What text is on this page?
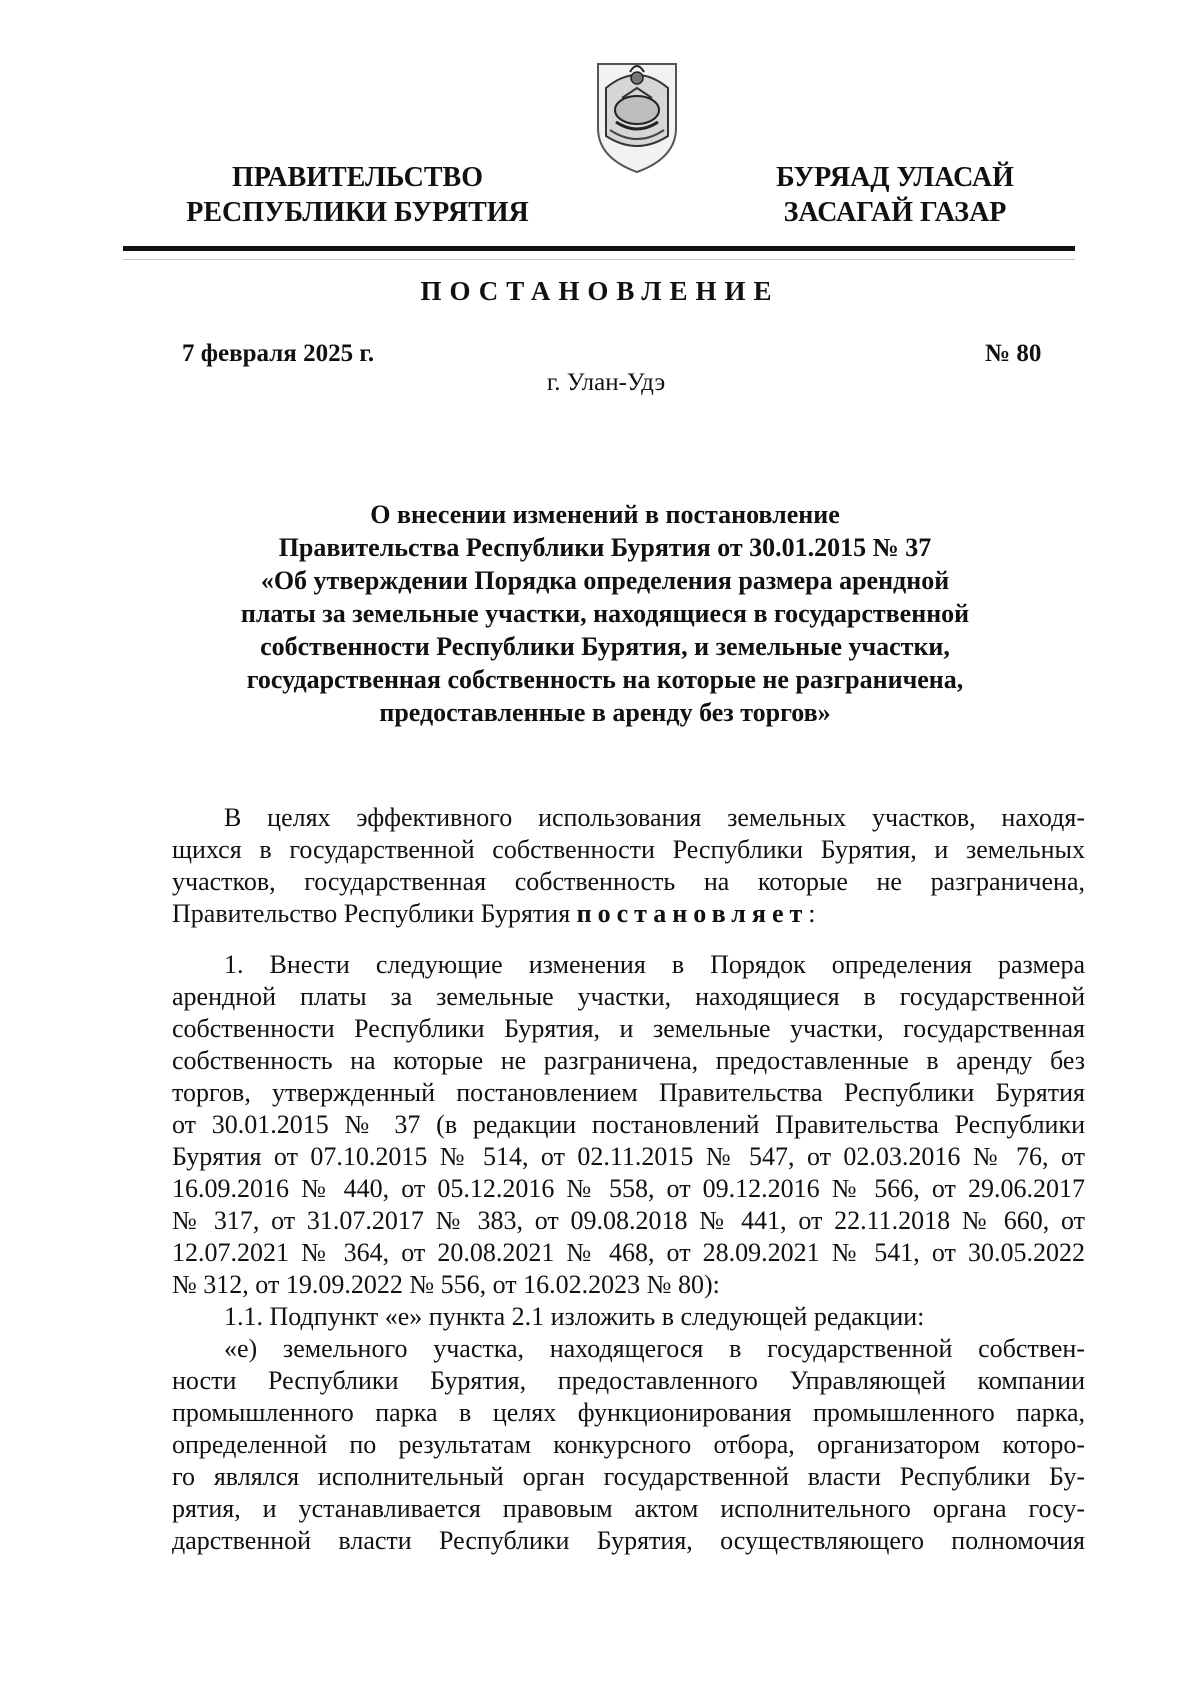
ПРАВИТЕЛЬСТВО
РЕСПУБЛИКИ БУРЯТИЯ
БУРЯАД УЛАСАЙ
ЗАСАГАЙ ГАЗАР
ПОСТАНОВЛЕНИЕ
7 февраля 2025 г.	№ 80
г. Улан-Удэ
О внесении изменений в постановление
Правительства Республики Бурятия от 30.01.2015 № 37
«Об утверждении Порядка определения размера арендной
платы за земельные участки, находящиеся в государственной
собственности Республики Бурятия, и земельные участки,
государственная собственность на которые не разграничена,
предоставленные в аренду без торгов»
В целях эффективного использования земельных участков, находя-
щихся в государственной собственности Республики Бурятия, и земельных
участков, государственная собственность на которые не разграничена,
Правительство Республики Бурятия постановляет:
1. Внести следующие изменения в Порядок определения размера
арендной платы за земельные участки, находящиеся в государственной
собственности Республики Бурятия, и земельные участки, государственная
собственность на которые не разграничена, предоставленные в аренду без
торгов, утвержденный постановлением Правительства Республики Бурятия
от 30.01.2015 № 37 (в редакции постановлений Правительства Республики
Бурятия от 07.10.2015 № 514, от 02.11.2015 № 547, от 02.03.2016 № 76, от
16.09.2016 № 440, от 05.12.2016 № 558, от 09.12.2016 № 566, от 29.06.2017
№ 317, от 31.07.2017 № 383, от 09.08.2018 № 441, от 22.11.2018 № 660, от
12.07.2021 № 364, от 20.08.2021 № 468, от 28.09.2021 № 541, от 30.05.2022
№ 312, от 19.09.2022 № 556, от 16.02.2023 № 80):
1.1. Подпункт «е» пункта 2.1 изложить в следующей редакции:
«е) земельного участка, находящегося в государственной собствен-
ности Республики Бурятия, предоставленного Управляющей компании
промышленного парка в целях функционирования промышленного парка,
определенной по результатам конкурсного отбора, организатором которо-
го являлся исполнительный орган государственной власти Республики Бу-
рятия, и устанавливается правовым актом исполнительного органа госу-
дарственной власти Республики Бурятия, осуществляющего полномочия
